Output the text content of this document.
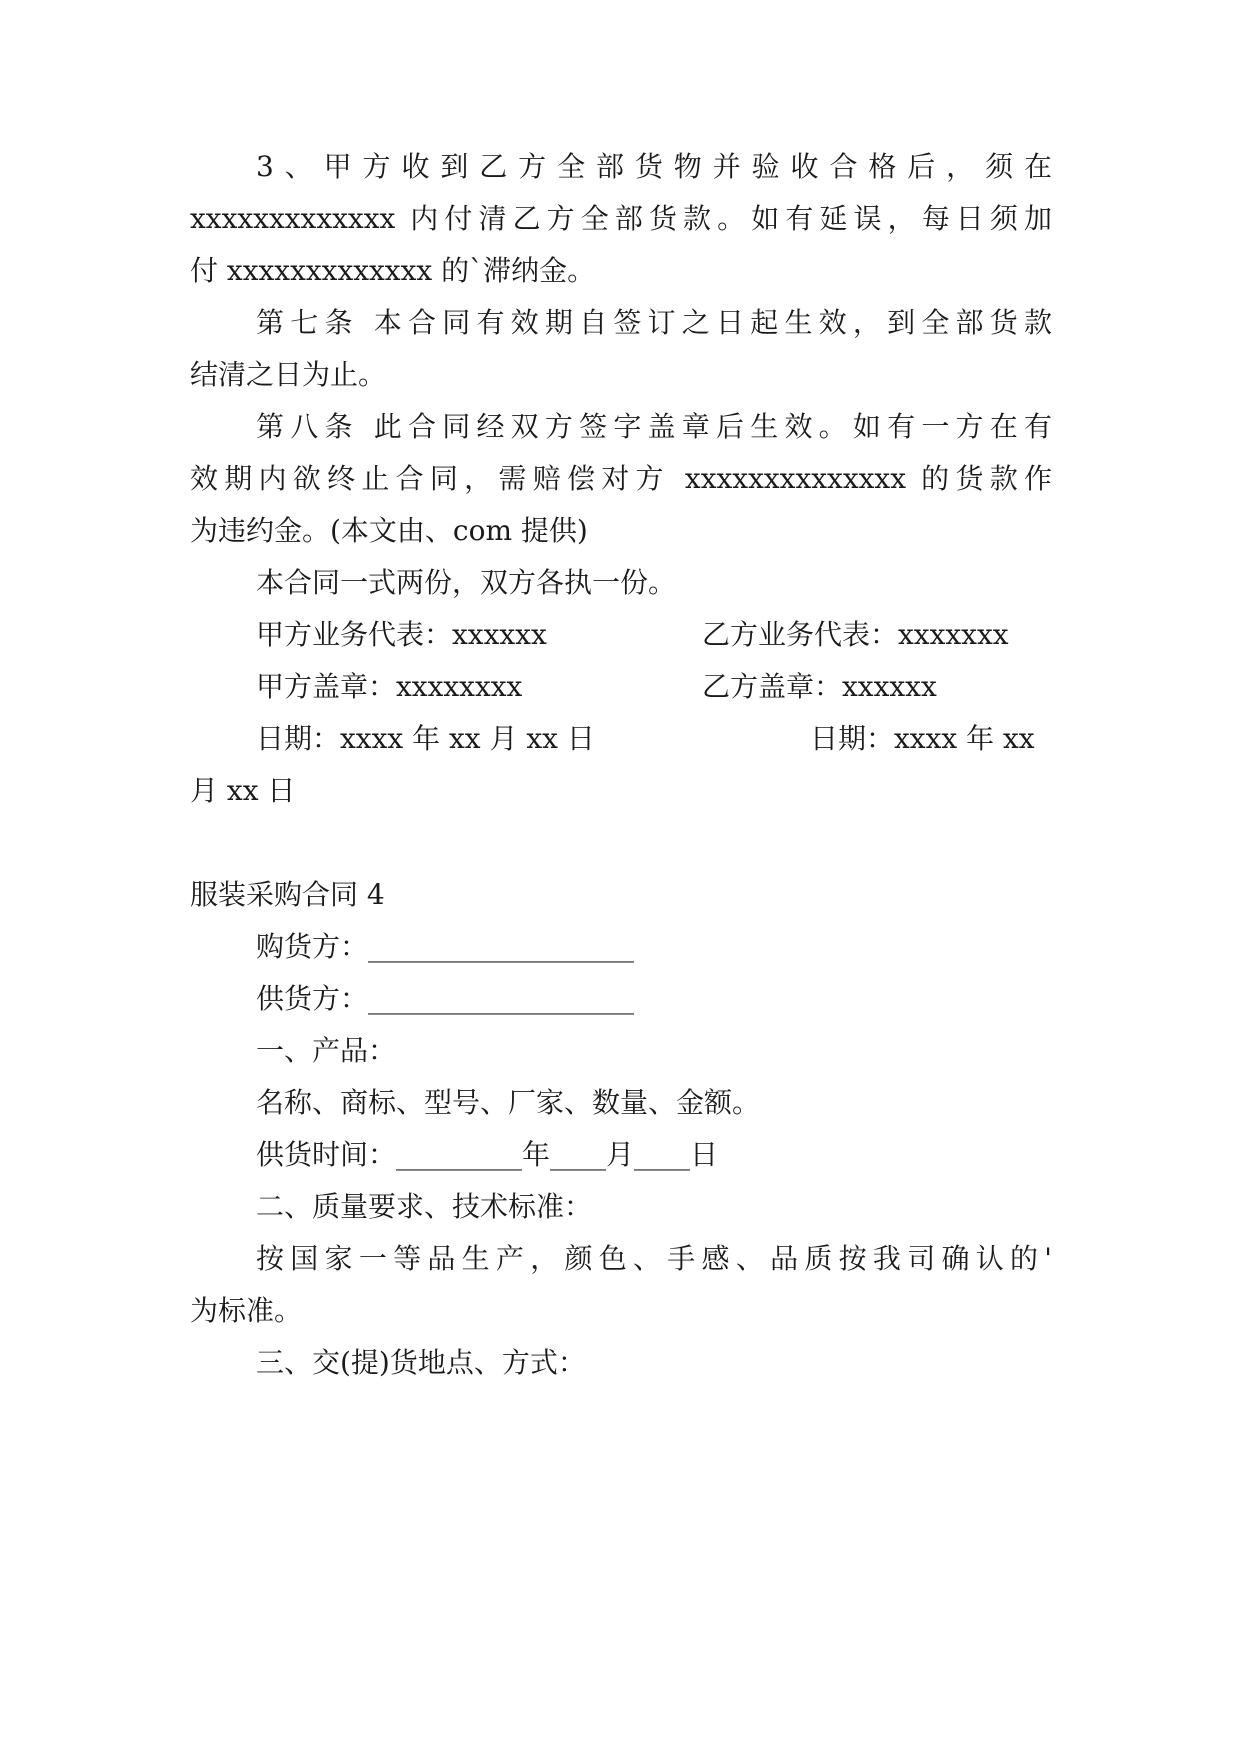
3、甲方收到乙方全部货物并验收合格后，须在
xxxxxxxxxxxxx 内付清乙方全部货款。如有延误，每日须加
付 xxxxxxxxxxxxx 的`滞纳金。
第七条 本合同有效期自签订之日起生效，到全部货款
结清之日为止。
第八条 此合同经双方签字盖章后生效。如有一方在有
效期内欲终止合同，需赔偿对方 xxxxxxxxxxxxxx 的货款作
为违约金。(本文由、com 提供)
本合同一式两份，双方各执一份。
甲方业务代表：xxxxxx	乙方业务代表：xxxxxxx
甲方盖章：xxxxxxxx	乙方盖章：xxxxxx
日期：xxxx 年 xx 月 xx 日	日期：xxxx 年 xx
月 xx 日
服装采购合同 4
购货方：___________________
供货方：___________________
一、产品：
名称、商标、型号、厂家、数量、金额。
供货时间：_________年____月____日
二、质量要求、技术标准：
按国家一等品生产，颜色、手感、品质按我司确认的'
为标准。
三、交(提)货地点、方式：
